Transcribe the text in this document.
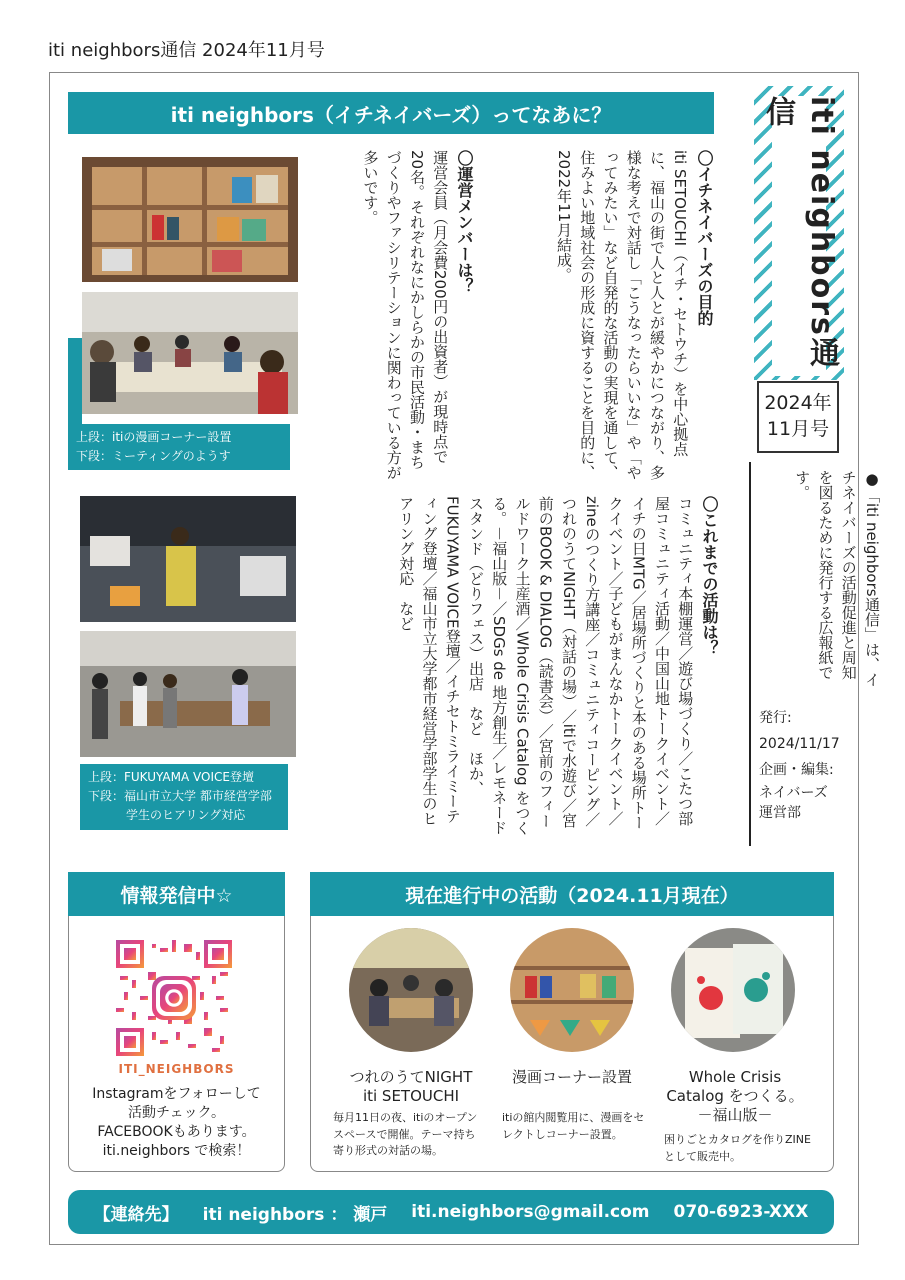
iti neighbors通信 2024年11月号
iti neighbors（イチネイバーズ）ってなあに？	iti neighbors通信
2024年
11月号
●「iti neighbors通信」は、イチネイバーズの活動促進と周知を図るために発行する広報紙です。
発行:
2024/11/17
企画・編集:
ネイバーズ
運営部
〇イチネイバーズの目的
iti SETOUCHI（イチ・セトウチ）を中心拠点に、福山の街で人と人とが緩やかにつながり、多様な考えで対話し「こうなったらいいな」や「やってみたい」など自発的な活動の実現を通して、住みよい地域社会の形成に資することを目的に、2022年11月結成。
〇運営メンバーは？
運営会員（月会費200円の出資者）が現時点で20名。それぞれなにかしらかの市民活動・まちづくりやファシリテーションに関わっている方が多いです。
〇これまでの活動は？
コミュニティ本棚運営／遊び場づくり／こたつ部屋コミュニティ活動／中国山地トークイベント／イチの日MTG／居場所づくりと本のある場所トークイベント／子どもがまんなかトークイベント／zineのつくり方講座／コミュニティコーピング／つれのうてNIGHT（対話の場）／itiで水遊び／宮前のBOOK & DIALOG（読書会）／宮前のフィールドワーク土産酒／Whole Crisis Catalog をつくる。－福山版－／SDGs de 地方創生／レモネードスタンド（どりフェス）出店　など　ほか、FUKUYAMA VOICE登壇／イチセトミライミーティング登壇／福山市立大学都市経営学部学生のヒアリング対応　など
上段：itiの漫画コーナー設置
下段：ミーティングのようす
上段：FUKUYAMA VOICE登壇
下段：福山市立大学 都市経営学部
学生のヒアリング対応
情報発信中☆
ITI_NEIGHBORS
Instagramをフォローして
活動チェック。
FACEBOOKもあります。
iti.neighbors で検索！
現在進行中の活動（2024.11月現在）
つれのうてNIGHT
iti SETOUCHI
毎月11日の夜、itiのオープンスペースで開催。テーマ持ち寄り形式の対話の場。
漫画コーナー設置
itiの館内閲覧用に、漫画をセレクトしコーナー設置。
Whole Crisis
Catalog をつくる。
－福山版－
困りごとカタログを作りZINEとして販売中。
【連絡先】 iti neighbors ： 瀬戸 iti.neighbors@gmail.com 070-6923-XXX
